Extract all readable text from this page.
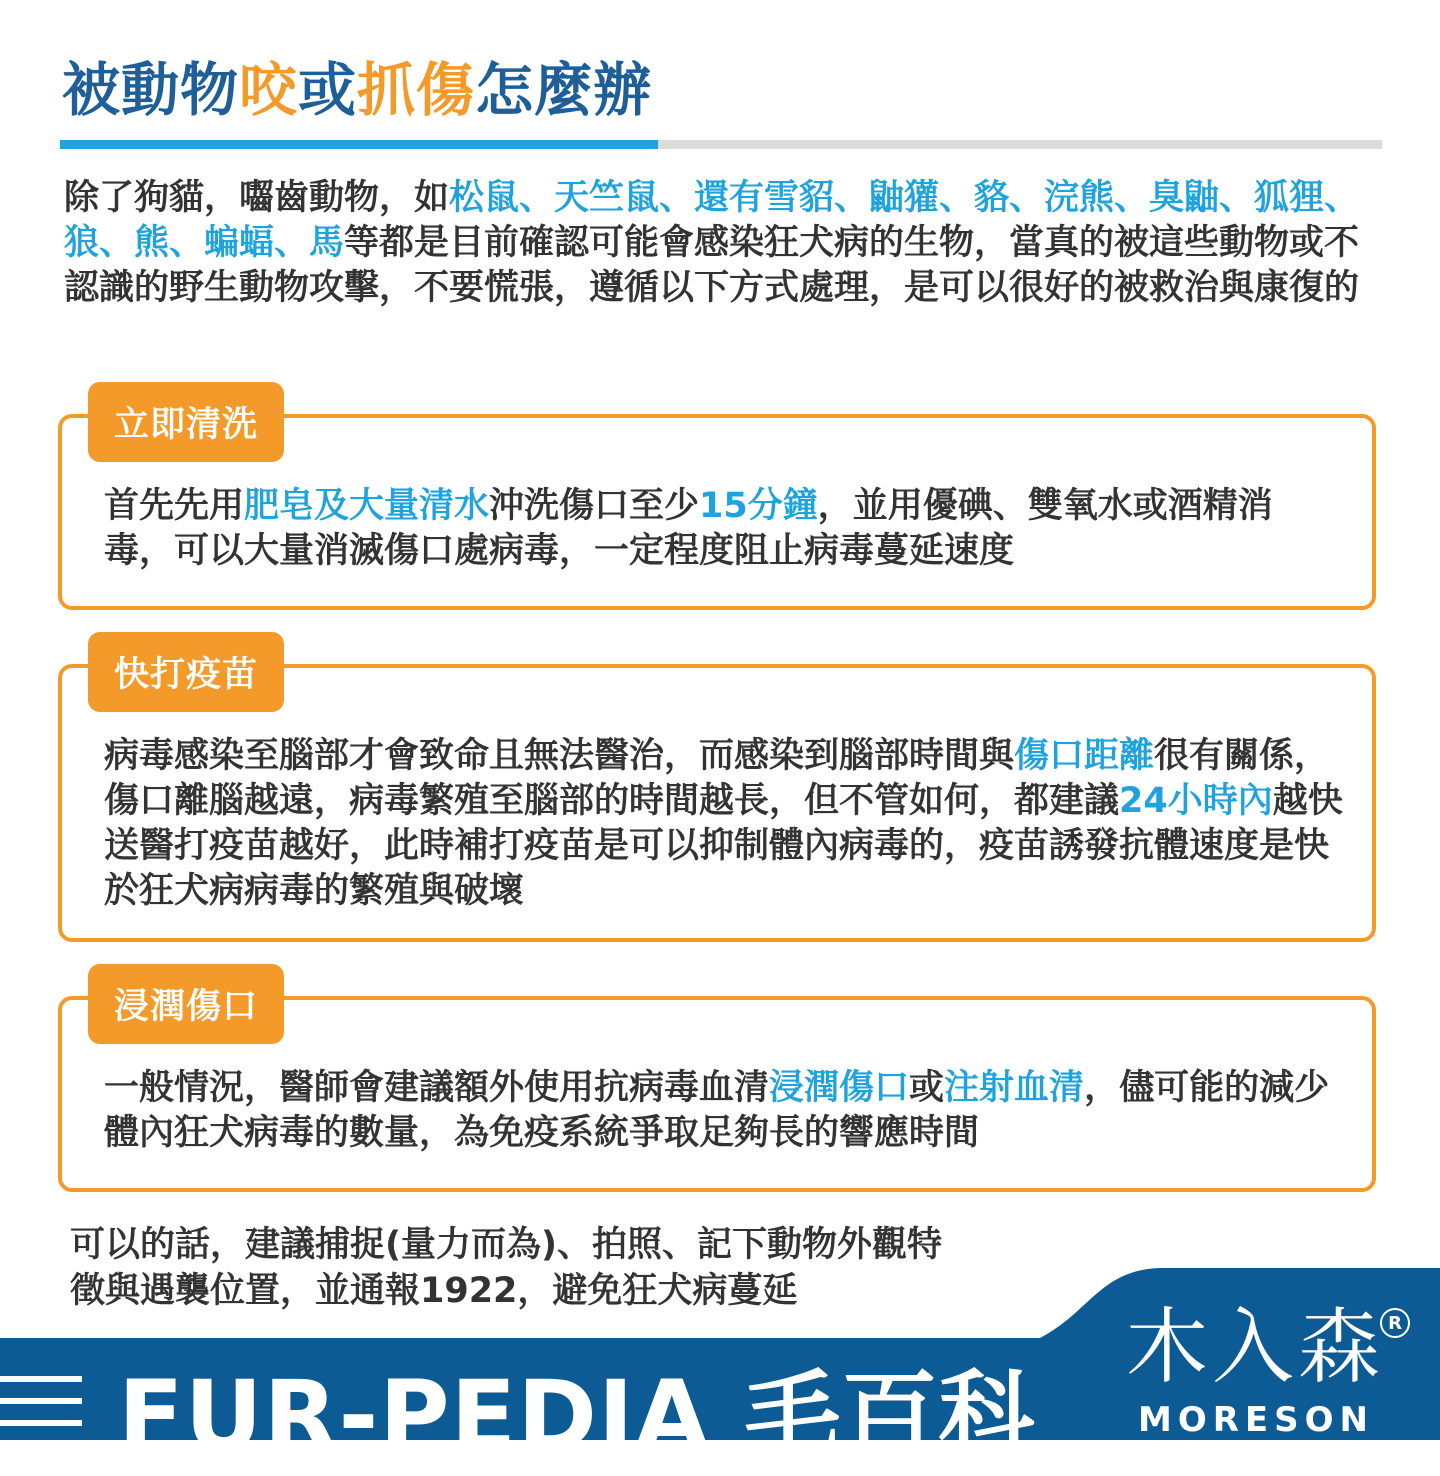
被動物咬或抓傷怎麼辦

除了狗貓，囓齒動物，如松鼠、天竺鼠、還有雪貂、鼬獾、貉、浣熊、臭鼬、狐狸、狼、熊、蝙蝠、馬等都是目前確認可能會感染狂犬病的生物，當真的被這些動物或不認識的野生動物攻擊，不要慌張，遵循以下方式處理，是可以很好的被救治與康復的

立即清洗

首先先用肥皂及大量清水沖洗傷口至少15分鐘，並用優碘、雙氧水或酒精消毒，可以大量消滅傷口處病毒，一定程度阻止病毒蔓延速度

快打疫苗

病毒感染至腦部才會致命且無法醫治，而感染到腦部時間與傷口距離很有關係，傷口離腦越遠，病毒繁殖至腦部的時間越長，但不管如何，都建議24小時內越快送醫打疫苗越好，此時補打疫苗是可以抑制體內病毒的，疫苗誘發抗體速度是快於狂犬病病毒的繁殖與破壞

浸潤傷口

一般情況，醫師會建議額外使用抗病毒血清浸潤傷口或注射血清，儘可能的減少體內狂犬病毒的數量，為免疫系統爭取足夠長的響應時間

可以的話，建議捕捉(量力而為)、拍照、記下動物外觀特
徵與遇襲位置，並通報1922，避免狂犬病蔓延

FUR-PEDIA 毛百科
木入森
MORESON
R
